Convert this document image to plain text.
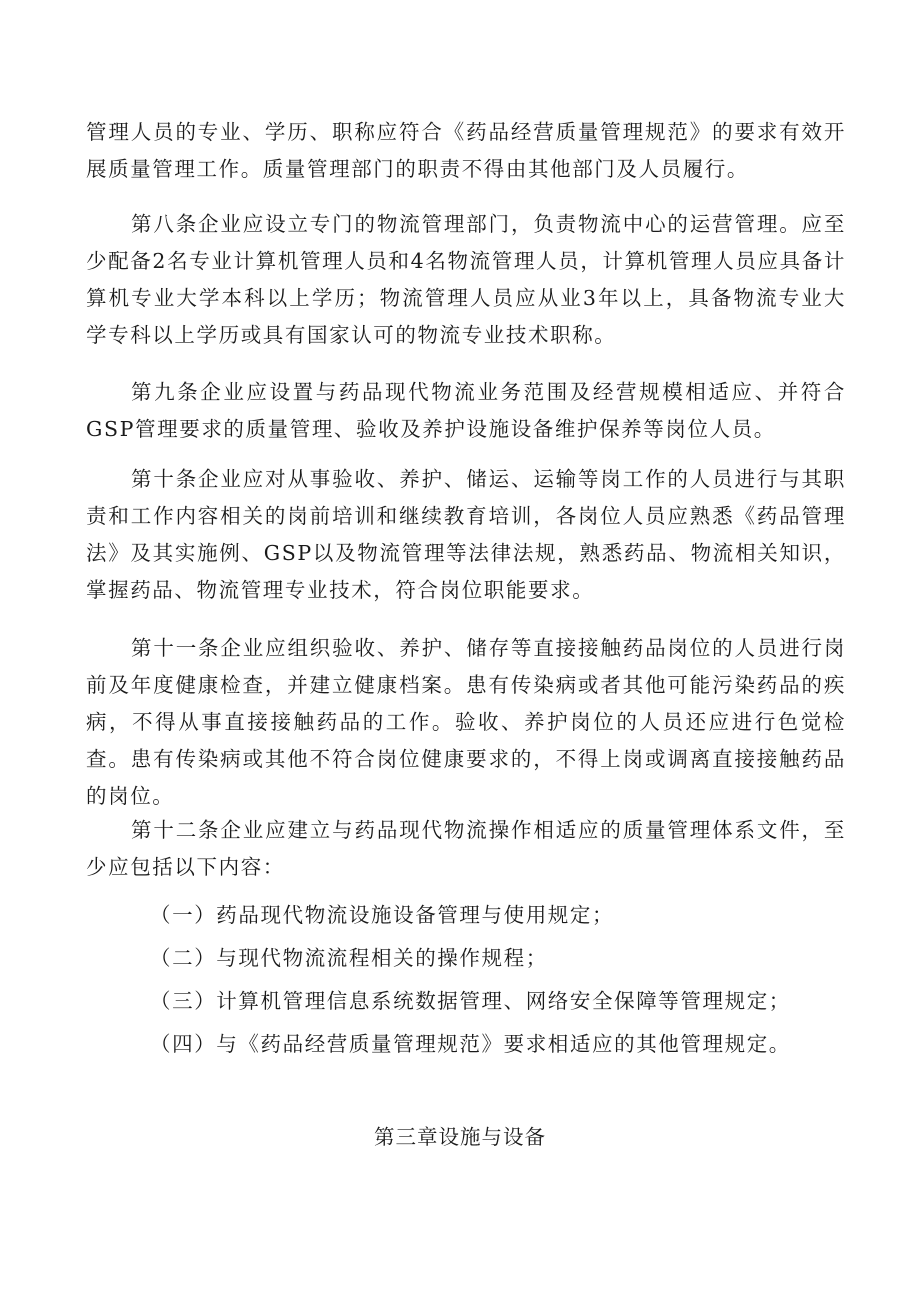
管理人员的专业、学历、职称应符合《药品经营质量管理规范》的要求有效开展质量管理工作。质量管理部门的职责不得由其他部门及人员履行。

第八条企业应设立专门的物流管理部门，负责物流中心的运营管理。应至少配备2名专业计算机管理人员和4名物流管理人员，计算机管理人员应具备计算机专业大学本科以上学历；物流管理人员应从业3年以上，具备物流专业大学专科以上学历或具有国家认可的物流专业技术职称。

第九条企业应设置与药品现代物流业务范围及经营规模相适应、并符合GSP管理要求的质量管理、验收及养护设施设备维护保养等岗位人员。

第十条企业应对从事验收、养护、储运、运输等岗工作的人员进行与其职责和工作内容相关的岗前培训和继续教育培训，各岗位人员应熟悉《药品管理法》及其实施例、GSP以及物流管理等法律法规，熟悉药品、物流相关知识，掌握药品、物流管理专业技术，符合岗位职能要求。

第十一条企业应组织验收、养护、储存等直接接触药品岗位的人员进行岗前及年度健康检查，并建立健康档案。患有传染病或者其他可能污染药品的疾病，不得从事直接接触药品的工作。验收、养护岗位的人员还应进行色觉检查。患有传染病或其他不符合岗位健康要求的，不得上岗或调离直接接触药品的岗位。

第十二条企业应建立与药品现代物流操作相适应的质量管理体系文件，至少应包括以下内容：

（一）药品现代物流设施设备管理与使用规定；

（二）与现代物流流程相关的操作规程；

（三）计算机管理信息系统数据管理、网络安全保障等管理规定；

（四）与《药品经营质量管理规范》要求相适应的其他管理规定。

第三章设施与设备
